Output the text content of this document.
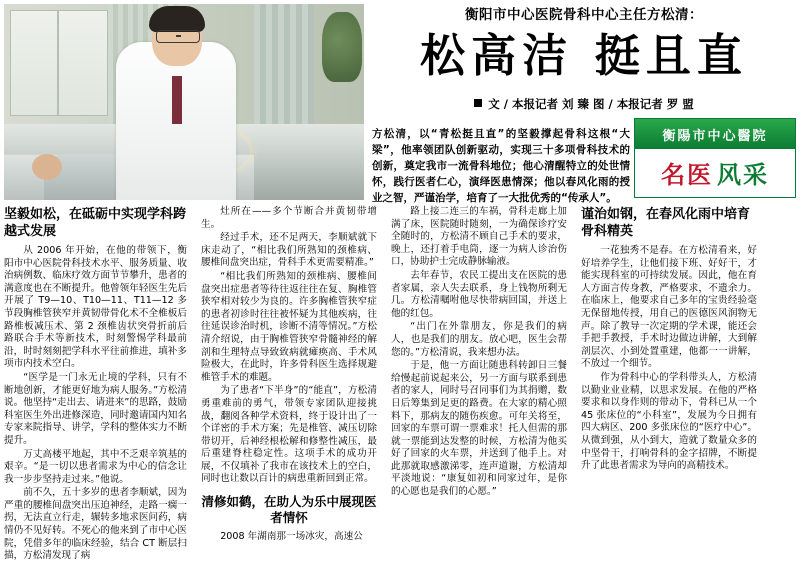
衡阳市中心医院骨科中心主任方松清：
松高洁 挺且直
文 / 本报记者 刘 臻 图 / 本报记者 罗 盟
方松清，以“青松挺且直”的坚毅撑起骨科这根“大梁”，他率领团队创新驱动，实现三十多项骨科技术的创新，奠定我市一流骨科地位；他心清醒特立的处世情怀，践行医者仁心，演绎医患情深；他以春风化雨的授业之智，严谨治学，培育了一大批优秀的“传承人”。
衡陽市中心醫院
名医 风采
坚毅如松，在砥砺中实现学科跨越式发展

从 2006 年开始，在他的带领下，衡阳市中心医院骨科技术水平、服务质量、收治病例数、临床疗效方面节节攀升，患者的满意度也在不断提升。他曾领年轻医生先后开展了 T9—10、T10—11、T11—12 多节段胸椎管狭窄并黄韧带骨化术不全椎板后路椎板减压术、第 2 颈椎齿状突骨折前后路联合手术等新技术，时刻警惕学科最前沿，时时刻刻把学科水平往前推进，填补多项市内技术空白。

“医学是一门永无止境的学科，只有不断地创新，才能更好地为病人服务。”方松清说。他坚持“走出去、请进来”的思路，鼓励科室医生外出进修深造，同时邀请国内知名专家来院指导、讲学，学科的整体实力不断提升。

万丈高楼平地起，其中不乏艰辛筑基的艰辛。“是一切以患者需求为中心的信念让我一步步坚持走过来。”他说。

前不久，五十多岁的患者李顺斌，因为严重的腰椎间盘突出压迫神经，走路一瘸一拐，无法直立行走，辗转多地求医问药，病情仍不见好转。不死心的他来到了市中心医院，凭借多年的临床经验，结合 CT 断层扫描，方松清发现了病

灶所在——多个节断合并黄韧带增生。

经过手术，还不足两天，李顺斌就下床走动了，“相比我们所熟知的颈椎病、腰椎间盘突出症，骨科手术更需要精准。”

“相比我们所熟知的颈椎病、腰椎间盘突出症患者等待往返往往在复、胸椎管狭窄相对较少为良的。许多胸椎管狭窄症的患者初诊时往往被怀疑为其他疾病，往往延误诊治时机，诊断不清等情况。”方松清介绍说，由于胸椎管狭窄骨髓神经的解剖和生理特点导致致病就瘫痪高、手术风险极大，在此时，许多骨科医生选择规避椎管手术的难题。

为了患者“下半身”的“能直”，方松清勇重难前的勇气，带领专家团队迎接挑战，翻阅各种学术资料，终于设计出了一个详密的手术方案；先是椎管、减压切除带切开，后神经根松解和修整性减压，最后重建脊柱稳定性。这项手术的成功开展，不仅填补了我市在该技术上的空白，同时也让数以百计的病患重新回到正常。

清修如鹤，在助人为乐中展现医者情怀

2008 年湖南那一场冰灾，高速公

路上接二连三的车祸，骨科走廊上加满了床，医院随时随刻，一为确保诊疗安全随时的，方松清不顾自己手术的要求，晚上，还打着手电筒，逐一为病人诊治伤口，协助护士完成静脉输液。

去年春节，农民工提出支在医院的患者家属，亲人失去联系，身上钱物所剩无几。方松清嘱咐他尽快带病回国，并送上他的红包。

“出门在外靠朋友，你是我们的病人，也是我们的朋友。放心吧，医生会帮您的。”方松清说，我来想办法。

于是，他一方面让随患科转卸日三餐给慢起前说起来公，另一方面与联系到患者的家人，同时号召同事们为其捐赠，数日后筹集到足更的路费。在大家的精心照料下，那病友的随伤疾愈。可年关将至，回家的车票可谓一票难求！托人但需的那就一票能到达发整的时候，方松清为他买好了回家的火车票，并送到了他手上。对此那就取感激涕零，连声道谢，方松清却平淡地说：“康复如初和同家过年，是你的心愿也是我们的心愿。”

谨治如钢，在春风化雨中培育骨科精英

一花独秀不是春。在方松清看来，好好培养学生，让他们接下班、好好干，才能实现科室的可持续发展。因此，他在育人方面言传身教，严格要求，不遗余力。在临床上，他要求自己多年的宝贵经验毫无保留地传授，用自己的医德医风润物无声。除了教导一次定期的学术课，能还会手把手教授，手术时边做边讲解，大到解剖层次、小到处置重建，他都一一讲解，不放过一个细节。

作为骨科中心的学科带头人，方松清以勤业业业精，以思求发展。在他的严格要求和以身作则的带动下，骨科已从一个 45 张床位的“小科室”，发展为今日拥有四大病区、200 多张床位的“医疗中心”。从微到强，从小到大，造就了数量众多的中坚骨干，打响骨科的金字招牌，不断提升了此患者需求为导向的高精技术。
